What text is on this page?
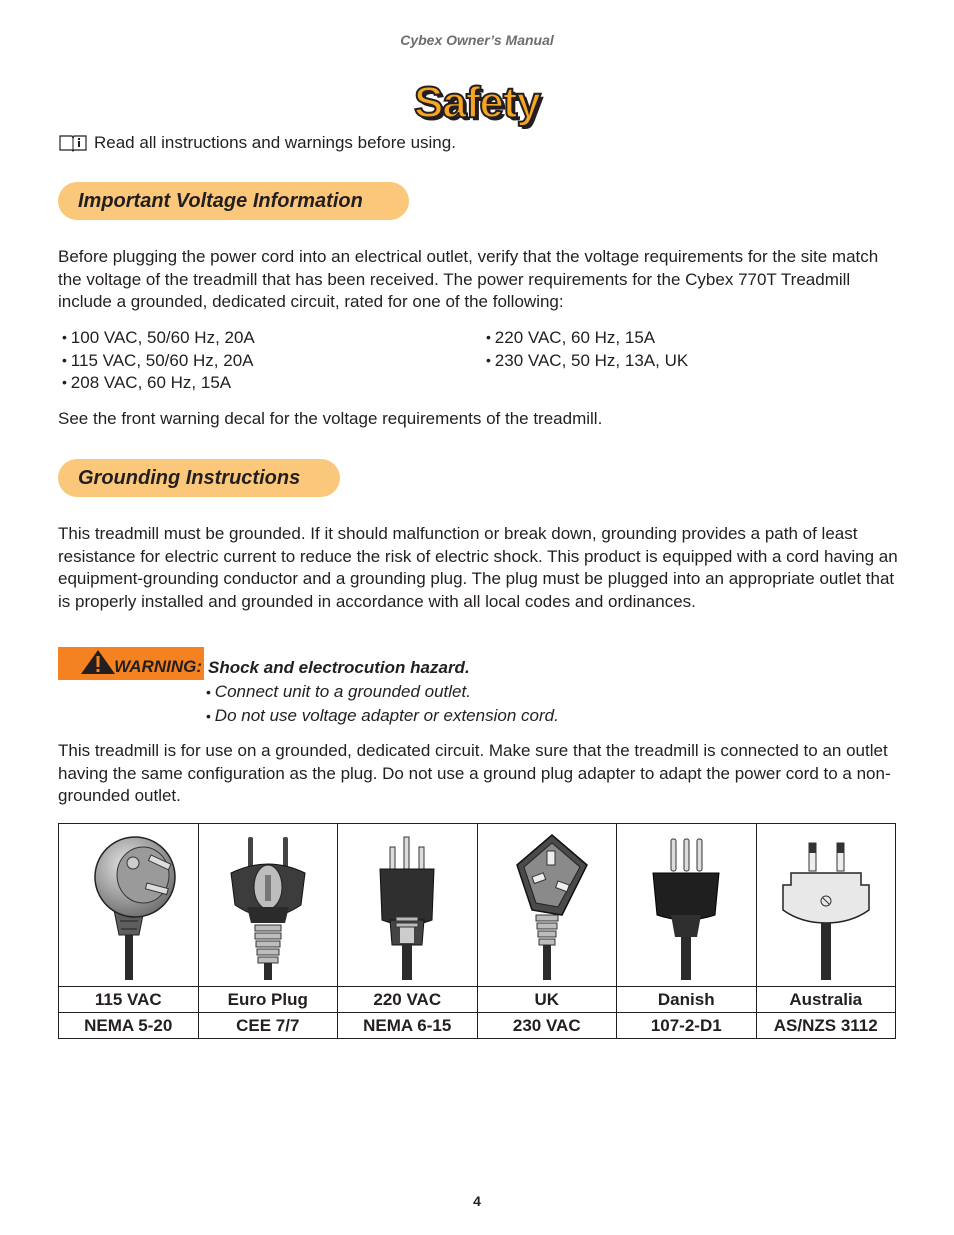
Cybex Owner’s Manual
Safety
Read all instructions and warnings before using.
Important Voltage Information
Before plugging the power cord into an electrical outlet, verify that the voltage requirements for the site match the voltage of the treadmill that has been received. The power requirements for the Cybex 770T Treadmill include a grounded, dedicated circuit, rated for one of the following:
• 100 VAC, 50/60 Hz, 20A
• 115 VAC, 50/60 Hz, 20A
• 208 VAC, 60 Hz, 15A
• 220 VAC, 60 Hz, 15A
• 230 VAC, 50 Hz, 13A, UK
See the front warning decal for the voltage requirements of the treadmill.
Grounding Instructions
This treadmill must be grounded. If it should malfunction or break down, grounding provides a path of least resistance for electric current to reduce the risk of electric shock. This product is equipped with a cord having an equipment-grounding conductor and a grounding plug. The plug must be plugged into an appropriate outlet that is properly installed and grounded in accordance with all local codes and ordinances.
WARNING: Shock and electrocution hazard.
• Connect unit to a grounded outlet.
• Do not use voltage adapter or extension cord.
This treadmill is for use on a grounded, dedicated circuit. Make sure that the treadmill is connected to an outlet having the same configuration as the plug. Do not use a ground plug adapter to adapt the power cord to a non-grounded outlet.

115 VAC	Euro Plug	220 VAC	UK	Danish	Australia
NEMA 5-20	CEE 7/7	NEMA 6-15	230 VAC	107-2-D1	AS/NZS 3112
4
